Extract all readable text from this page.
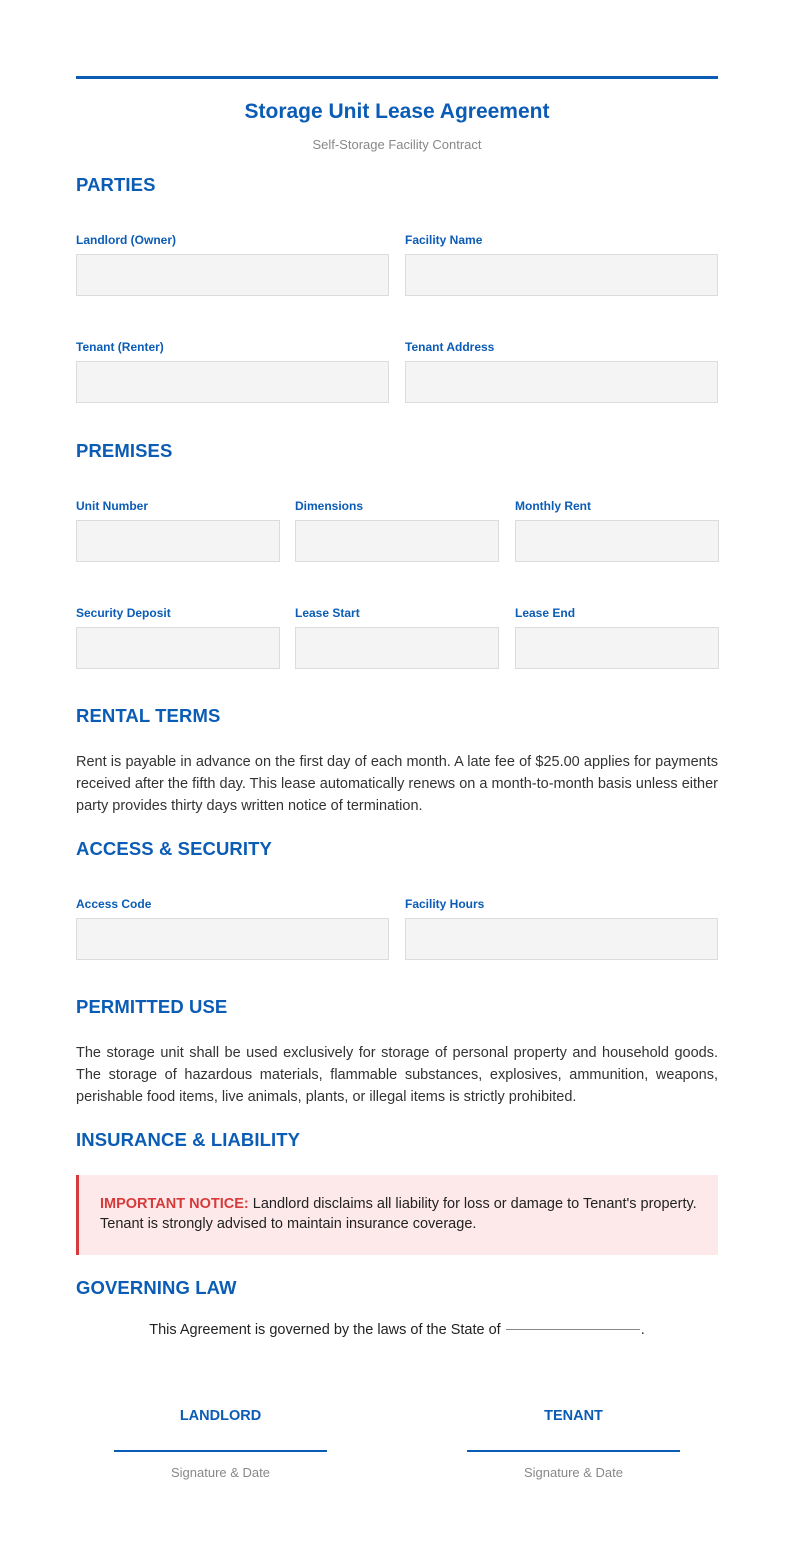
Storage Unit Lease Agreement
Self-Storage Facility Contract
PARTIES
Landlord (Owner)	Facility Name
Tenant (Renter)	Tenant Address
PREMISES
Unit Number	Dimensions	Monthly Rent
Security Deposit	Lease Start	Lease End
RENTAL TERMS
Rent is payable in advance on the first day of each month. A late fee of $25.00 applies for payments received after the fifth day. This lease automatically renews on a month-to-month basis unless either party provides thirty days written notice of termination.
ACCESS & SECURITY
Access Code	Facility Hours
PERMITTED USE
The storage unit shall be used exclusively for storage of personal property and household goods. The storage of hazardous materials, flammable substances, explosives, ammunition, weapons, perishable food items, live animals, plants, or illegal items is strictly prohibited.
INSURANCE & LIABILITY
IMPORTANT NOTICE: Landlord disclaims all liability for loss or damage to Tenant's property. Tenant is strongly advised to maintain insurance coverage.
GOVERNING LAW
This Agreement is governed by the laws of the State of	.
LANDLORD
Signature & Date
TENANT
Signature & Date
